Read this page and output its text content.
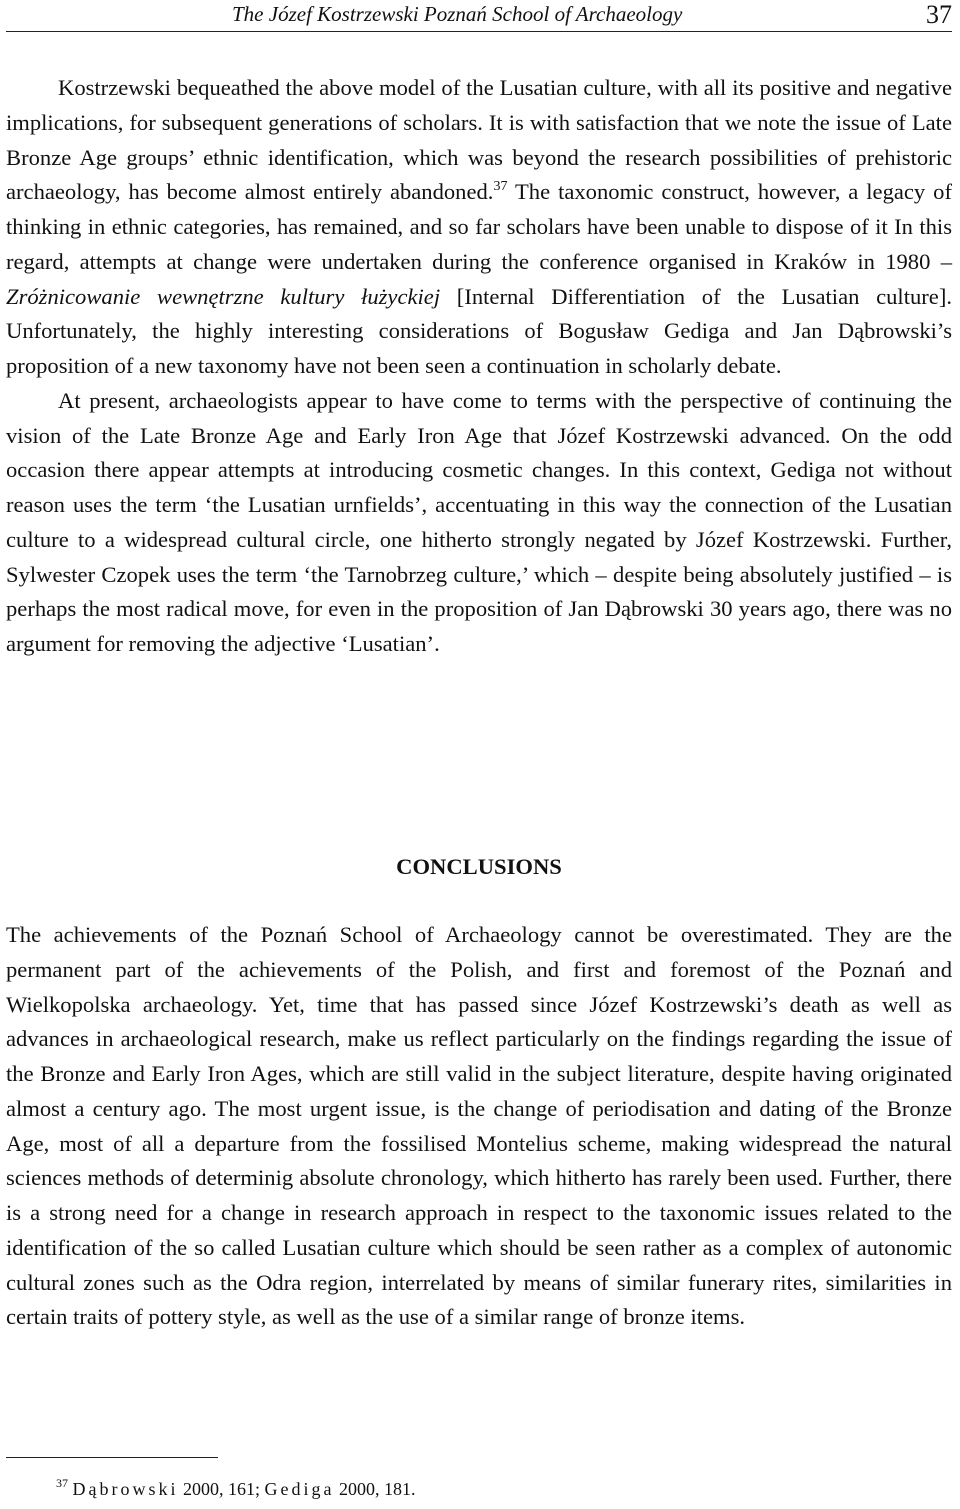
The Józef Kostrzewski Poznań School of Archaeology	37

Kostrzewski bequeathed the above model of the Lusatian culture, with all its positive and negative implications, for subsequent generations of scholars. It is with satisfaction that we note the issue of Late Bronze Age groups’ ethnic identification, which was beyond the research possibilities of prehistoric archaeology, has become almost entirely abandoned.$^{37}$ The taxonomic construct, however, a legacy of thinking in ethnic categories, has remained, and so far scholars have been unable to dispose of it In this regard, attempts at change were undertaken during the conference organised in Kraków in 1980 – Zróżnicowanie wewnętrzne kultury łużyckiej [Internal Differentiation of the Lusatian culture]. Unfortunately, the highly interesting considerations of Bogusław Gediga and Jan Dąbrowski’s proposition of a new taxonomy have not been seen a continuation in scholarly debate.

At present, archaeologists appear to have come to terms with the perspective of continuing the vision of the Late Bronze Age and Early Iron Age that Józef Kostrzewski advanced. On the odd occasion there appear attempts at introducing cosmetic changes. In this context, Gediga not without reason uses the term ‘the Lusatian urnfields’, accentuating in this way the connection of the Lusatian culture to a widespread cultural circle, one hitherto strongly negated by Józef Kostrzewski. Further, Sylwester Czopek uses the term ‘the Tarnobrzeg culture,’ which – despite being absolutely justified – is perhaps the most radical move, for even in the proposition of Jan Dąbrowski 30 years ago, there was no argument for removing the adjective ‘Lusatian’.

CONCLUSIONS

The achievements of the Poznań School of Archaeology cannot be overestimated. They are the permanent part of the achievements of the Polish, and first and foremost of the Poznań and Wielkopolska archaeology. Yet, time that has passed since Józef Kostrzewski’s death as well as advances in archaeological research, make us reflect particularly on the findings regarding the issue of the Bronze and Early Iron Ages, which are still valid in the subject literature, despite having originated almost a century ago. The most urgent issue, is the change of periodisation and dating of the Bronze Age, most of all a departure from the fossilised Montelius scheme, making widespread the natural sciences methods of determinig absolute chronology, which hitherto has rarely been used. Further, there is a strong need for a change in research approach in respect to the taxonomic issues related to the identification of the so called Lusatian culture which should be seen rather as a complex of autonomic cultural zones such as the Odra region, interrelated by means of similar funerary rites, similarities in certain traits of pottery style, as well as the use of a similar range of bronze items.

$^{37}$ Dąbrowski 2000, 161; Gediga 2000, 181.
